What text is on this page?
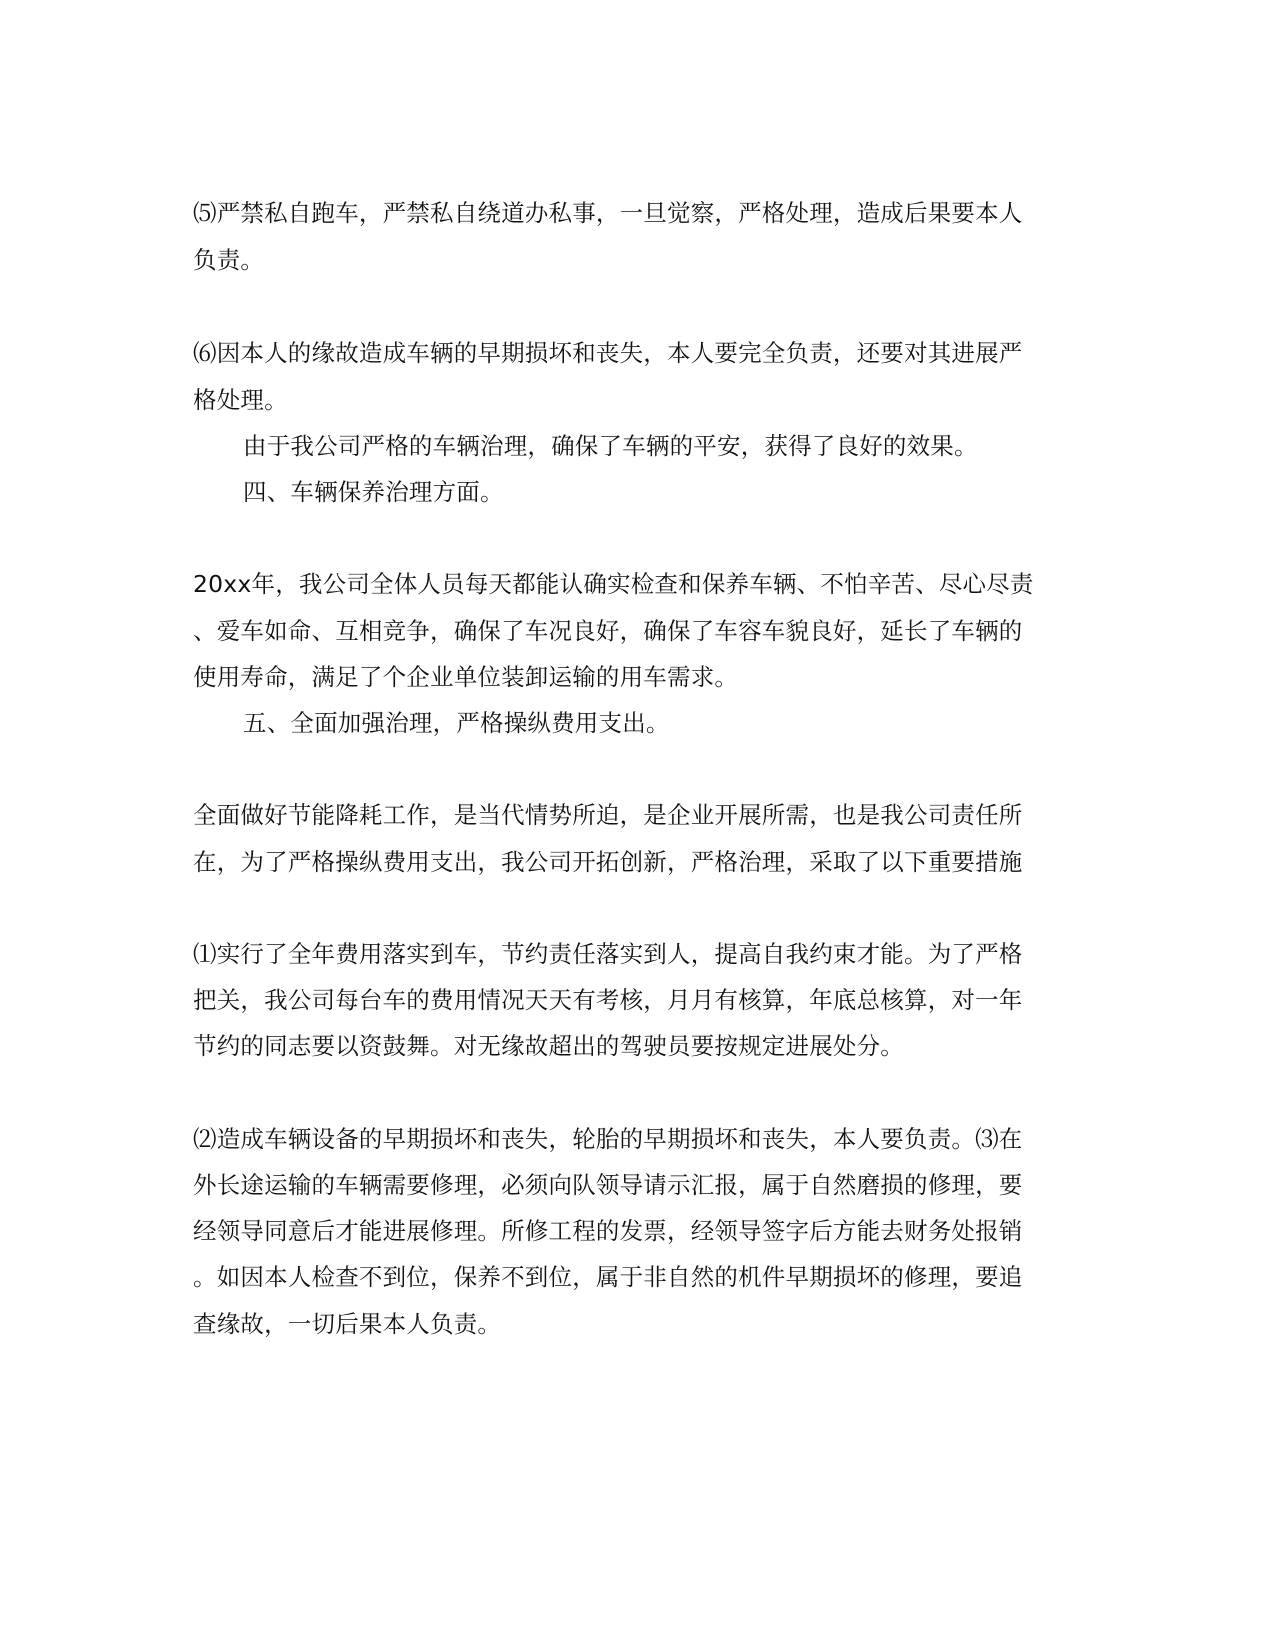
⑸严禁私自跑车，严禁私自绕道办私事，一旦觉察，严格处理，造成后果要本人
负责。
⑹因本人的缘故造成车辆的早期损坏和丧失，本人要完全负责，还要对其进展严
格处理。
由于我公司严格的车辆治理，确保了车辆的平安，获得了良好的效果。
四、车辆保养治理方面。
20xx年，我公司全体人员每天都能认确实检查和保养车辆、不怕辛苦、尽心尽责
、爱车如命、互相竞争，确保了车况良好，确保了车容车貌良好，延长了车辆的
使用寿命，满足了个企业单位装卸运输的用车需求。
五、全面加强治理，严格操纵费用支出。
全面做好节能降耗工作，是当代情势所迫，是企业开展所需，也是我公司责任所
在，为了严格操纵费用支出，我公司开拓创新，严格治理，采取了以下重要措施
⑴实行了全年费用落实到车，节约责任落实到人，提高自我约束才能。为了严格
把关，我公司每台车的费用情况天天有考核，月月有核算，年底总核算，对一年
节约的同志要以资鼓舞。对无缘故超出的驾驶员要按规定进展处分。
⑵造成车辆设备的早期损坏和丧失，轮胎的早期损坏和丧失，本人要负责。⑶在
外长途运输的车辆需要修理，必须向队领导请示汇报，属于自然磨损的修理，要
经领导同意后才能进展修理。所修工程的发票，经领导签字后方能去财务处报销
。如因本人检查不到位，保养不到位，属于非自然的机件早期损坏的修理，要追
查缘故，一切后果本人负责。
